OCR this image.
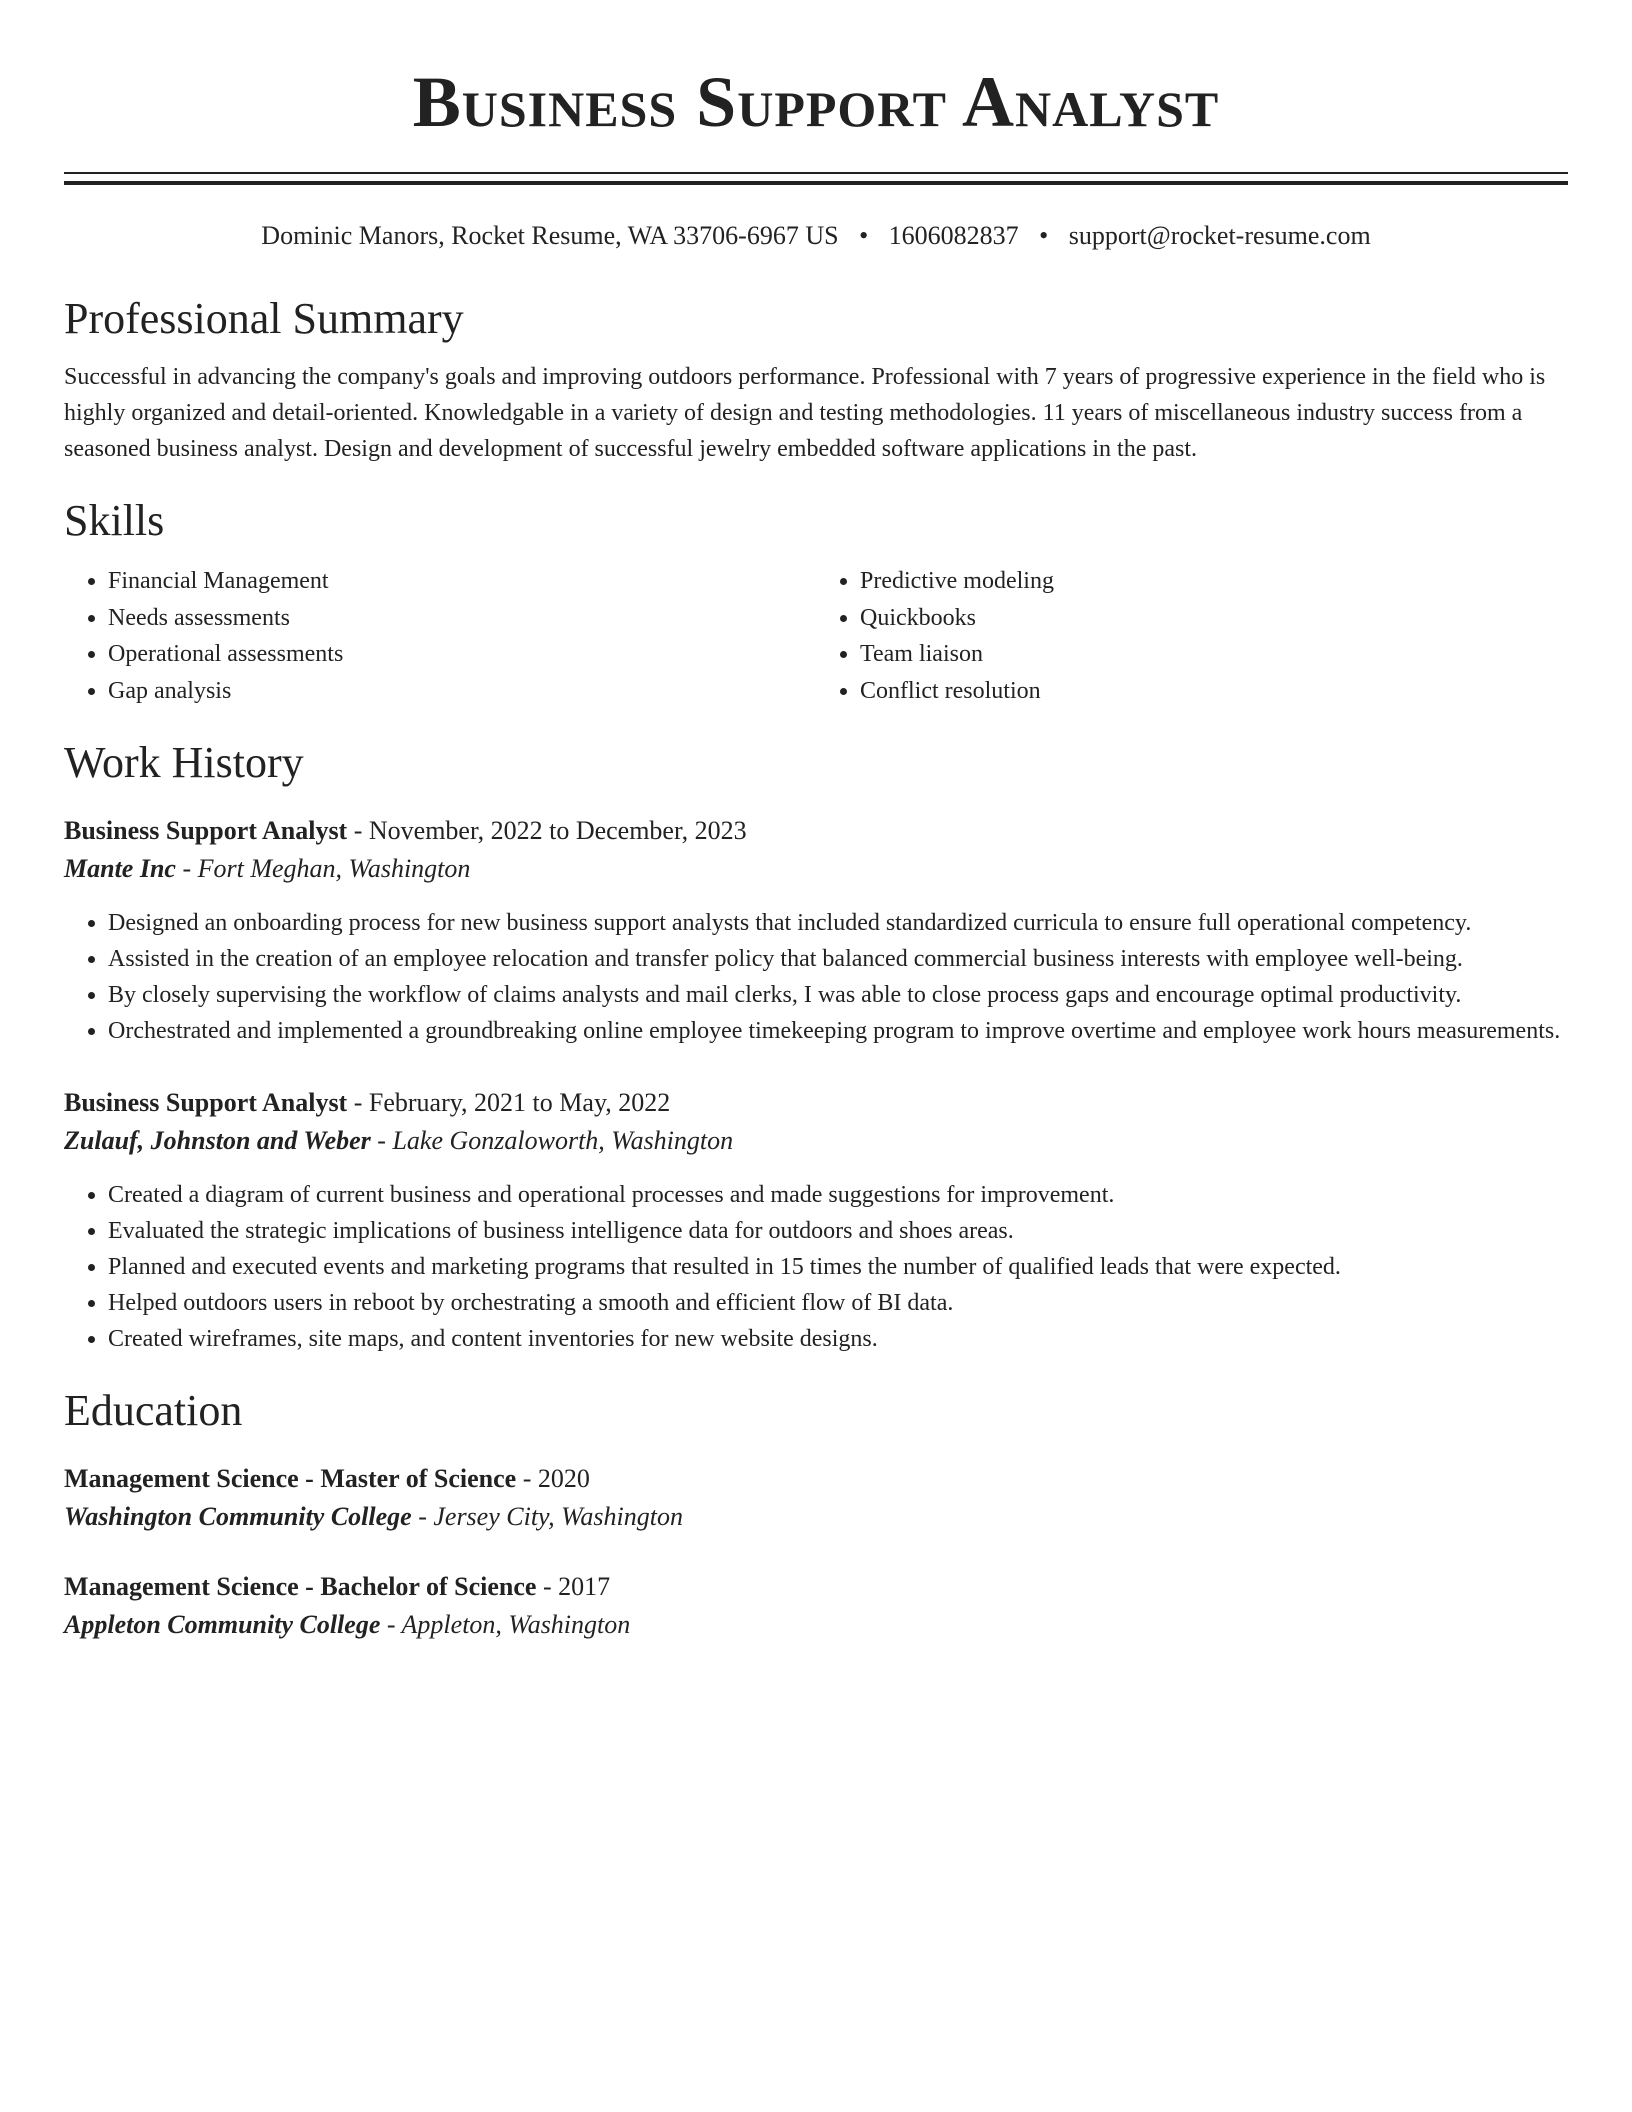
Business Support Analyst
Dominic Manors, Rocket Resume, WA 33706-6967 US • 1606082837 • support@rocket-resume.com
Professional Summary

Successful in advancing the company's goals and improving outdoors performance. Professional with 7 years of progressive experience in the field who is highly organized and detail-oriented. Knowledgable in a variety of design and testing methodologies. 11 years of miscellaneous industry success from a seasoned business analyst. Design and development of successful jewelry embedded software applications in the past.

Skills
• Financial Management
• Needs assessments
• Operational assessments
• Gap analysis
• Predictive modeling
• Quickbooks
• Team liaison
• Conflict resolution
Work History
Business Support Analyst - November, 2022 to December, 2023
Mante Inc - Fort Meghan, Washington
• Designed an onboarding process for new business support analysts that included standardized curricula to ensure full operational competency.
• Assisted in the creation of an employee relocation and transfer policy that balanced commercial business interests with employee well-being.
• By closely supervising the workflow of claims analysts and mail clerks, I was able to close process gaps and encourage optimal productivity.
• Orchestrated and implemented a groundbreaking online employee timekeeping program to improve overtime and employee work hours measurements.
Business Support Analyst - February, 2021 to May, 2022
Zulauf, Johnston and Weber - Lake Gonzaloworth, Washington
• Created a diagram of current business and operational processes and made suggestions for improvement.
• Evaluated the strategic implications of business intelligence data for outdoors and shoes areas.
• Planned and executed events and marketing programs that resulted in 15 times the number of qualified leads that were expected.
• Helped outdoors users in reboot by orchestrating a smooth and efficient flow of BI data.
• Created wireframes, site maps, and content inventories for new website designs.
Education
Management Science - Master of Science - 2020
Washington Community College - Jersey City, Washington
Management Science - Bachelor of Science - 2017
Appleton Community College - Appleton, Washington
